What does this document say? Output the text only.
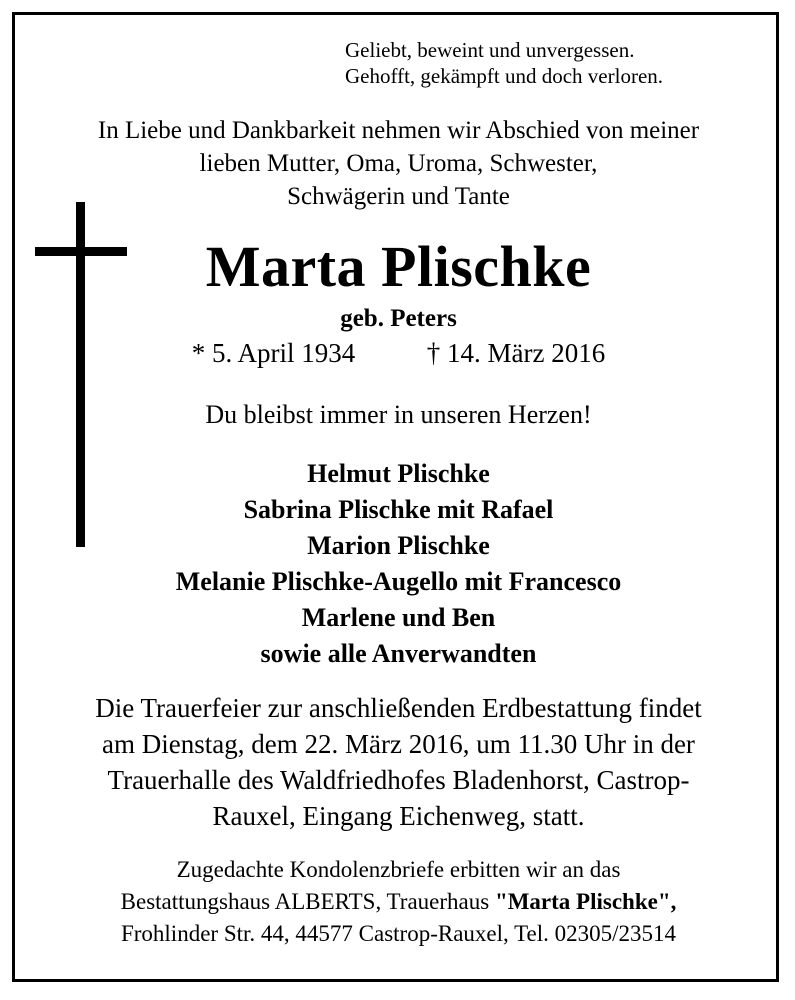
Geliebt, beweint und unvergessen.
Gehofft, gekämpft und doch verloren.
In Liebe und Dankbarkeit nehmen wir Abschied von meiner
lieben Mutter, Oma, Uroma, Schwester,
Schwägerin und Tante
Marta Plischke
geb. Peters
* 5. April 1934	† 14. März 2016
Du bleibst immer in unseren Herzen!
Helmut Plischke
Sabrina Plischke mit Rafael
Marion Plischke
Melanie Plischke-Augello mit Francesco
Marlene und Ben
sowie alle Anverwandten
Die Trauerfeier zur anschließenden Erdbestattung findet
am Dienstag, dem 22. März 2016, um 11.30 Uhr in der
Trauerhalle des Waldfriedhofes Bladenhorst, Castrop-
Rauxel, Eingang Eichenweg, statt.
Zugedachte Kondolenzbriefe erbitten wir an das
Bestattungshaus ALBERTS, Trauerhaus "Marta Plischke",
Frohlinder Str. 44, 44577 Castrop-Rauxel, Tel. 02305/23514
